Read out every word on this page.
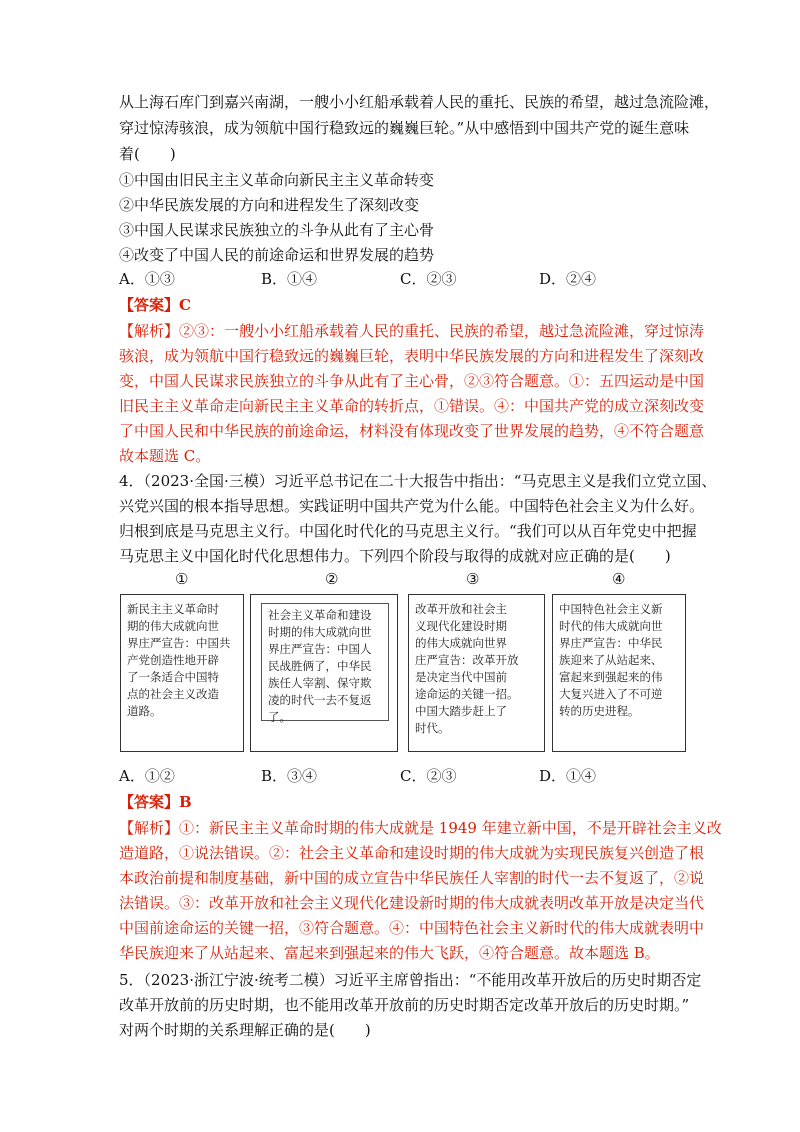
从上海石库门到嘉兴南湖，一艘小小红船承载着人民的重托、民族的希望，越过急流险滩，
穿过惊涛骇浪，成为领航中国行稳致远的巍巍巨轮。”从中感悟到中国共产党的诞生意味
着(　　)
①中国由旧民主主义革命向新民主主义革命转变
②中华民族发展的方向和进程发生了深刻改变
③中国人民谋求民族独立的斗争从此有了主心骨
④改变了中国人民的前途命运和世界发展的趋势
A．①③	B．①④	C．②③	D．②④
【答案】C
【解析】②③：一艘小小红船承载着人民的重托、民族的希望，越过急流险滩，穿过惊涛
骇浪，成为领航中国行稳致远的巍巍巨轮，表明中华民族发展的方向和进程发生了深刻改
变，中国人民谋求民族独立的斗争从此有了主心骨，②③符合题意。①：五四运动是中国
旧民主主义革命走向新民主主义革命的转折点，①错误。④：中国共产党的成立深刻改变
了中国人民和中华民族的前途命运，材料没有体现改变了世界发展的趋势，④不符合题意
故本题选 C。
4．（2023·全国·三模）习近平总书记在二十大报告中指出：“马克思主义是我们立党立国、
兴党兴国的根本指导思想。实践证明中国共产党为什么能。中国特色社会主义为什么好。
归根到底是马克思主义行。中国化时代化的马克思主义行。“我们可以从百年党史中把握
马克思主义中国化时代化思想伟力。下列四个阶段与取得的成就对应正确的是(　　)
①	②	③	④
新民主主义革命时
期的伟大成就向世
界庄严宣告：中国共
产党创造性地开辟
了一条适合中国特
点的社会主义改造
道路。
社会主义革命和建设
时期的伟大成就向世
界庄严宣告：中国人
民战胜俩了，中华民
族任人宰割、保守欺
凌的时代一去不复返
了。
改革开放和社会主
义现代化建设时期
的伟大成就向世界
庄严宣告：改革开放
是决定当代中国前
途命运的关键一招。
中国大踏步赶上了
时代。
中国特色社会主义新
时代的伟大成就向世
界庄严宣告：中华民
族迎来了从站起来、
富起来到强起来的伟
大复兴进入了不可逆
转的历史进程。
A．①②	B．③④	C．②③	D．①④
【答案】B
【解析】①：新民主主义革命时期的伟大成就是 1949 年建立新中国，不是开辟社会主义改
造道路，①说法错误。②：社会主义革命和建设时期的伟大成就为实现民族复兴创造了根
本政治前提和制度基础，新中国的成立宣告中华民族任人宰割的时代一去不复返了，②说
法错误。③：改革开放和社会主义现代化建设新时期的伟大成就表明改革开放是决定当代
中国前途命运的关键一招，③符合题意。④：中国特色社会主义新时代的伟大成就表明中
华民族迎来了从站起来、富起来到强起来的伟大飞跃，④符合题意。故本题选 B。
5．（2023·浙江宁波·统考二模）习近平主席曾指出：“不能用改革开放后的历史时期否定
改革开放前的历史时期，也不能用改革开放前的历史时期否定改革开放后的历史时期。”
对两个时期的关系理解正确的是(　　)
